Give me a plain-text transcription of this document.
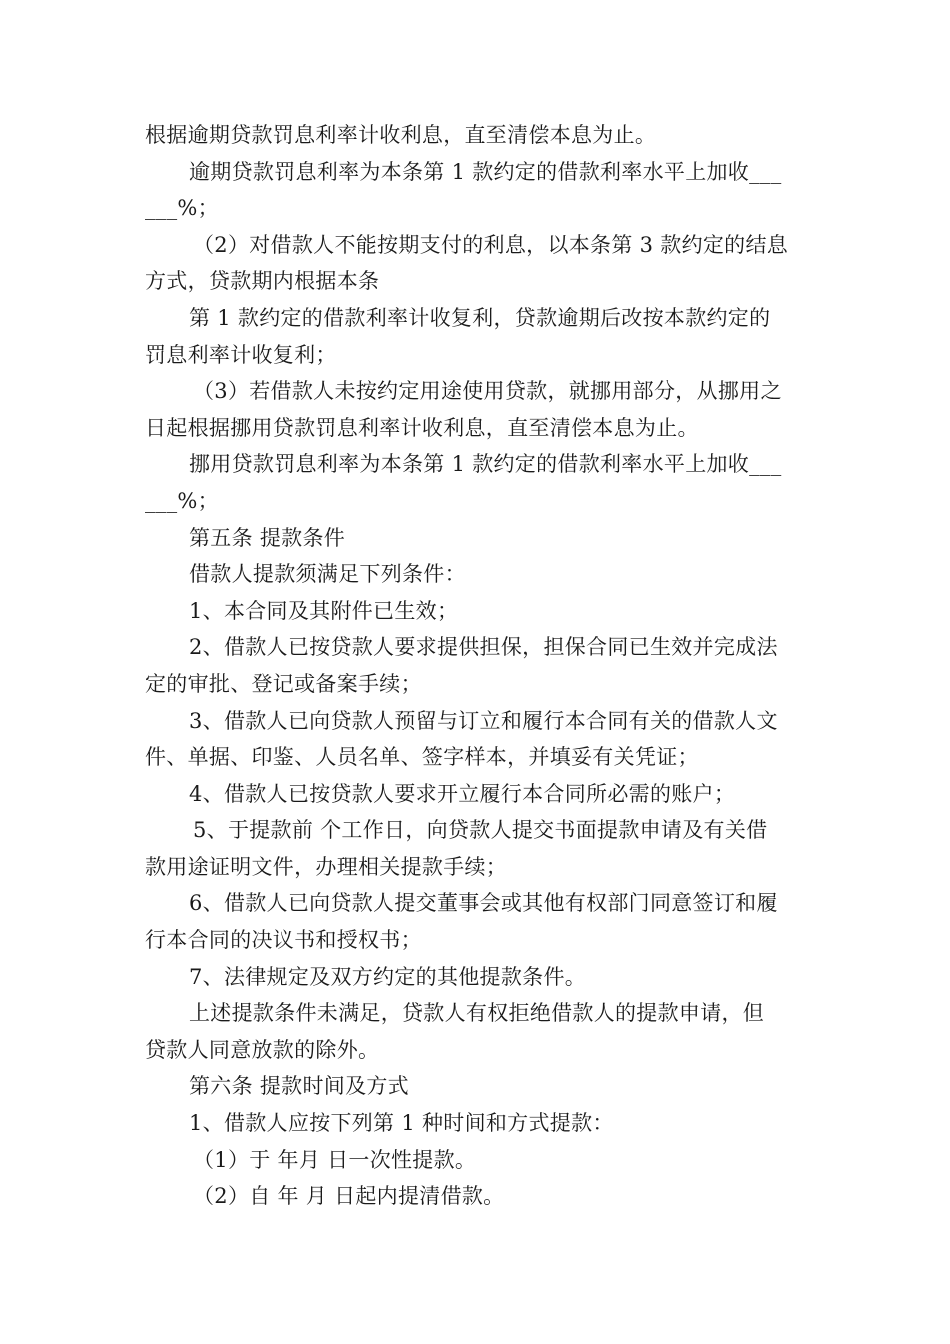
根据逾期贷款罚息利率计收利息，直至清偿本息为止。
逾期贷款罚息利率为本条第 1 款约定的借款利率水平上加收___
___%；
（2）对借款人不能按期支付的利息，以本条第 3 款约定的结息
方式，贷款期内根据本条
第 1 款约定的借款利率计收复利，贷款逾期后改按本款约定的
罚息利率计收复利；
（3）若借款人未按约定用途使用贷款，就挪用部分，从挪用之
日起根据挪用贷款罚息利率计收利息，直至清偿本息为止。
挪用贷款罚息利率为本条第 1 款约定的借款利率水平上加收___
___%；
第五条 提款条件
借款人提款须满足下列条件：
1、本合同及其附件已生效；
2、借款人已按贷款人要求提供担保，担保合同已生效并完成法
定的审批、登记或备案手续；
3、借款人已向贷款人预留与订立和履行本合同有关的借款人文
件、单据、印鉴、人员名单、签字样本，并填妥有关凭证；
4、借款人已按贷款人要求开立履行本合同所必需的账户；
5、于提款前 个工作日，向贷款人提交书面提款申请及有关借
款用途证明文件，办理相关提款手续；
6、借款人已向贷款人提交董事会或其他有权部门同意签订和履
行本合同的决议书和授权书；
7、法律规定及双方约定的其他提款条件。
上述提款条件未满足，贷款人有权拒绝借款人的提款申请，但
贷款人同意放款的除外。
第六条 提款时间及方式
1、借款人应按下列第 1 种时间和方式提款：
（1）于 年月 日一次性提款。
（2）自 年 月 日起内提清借款。
